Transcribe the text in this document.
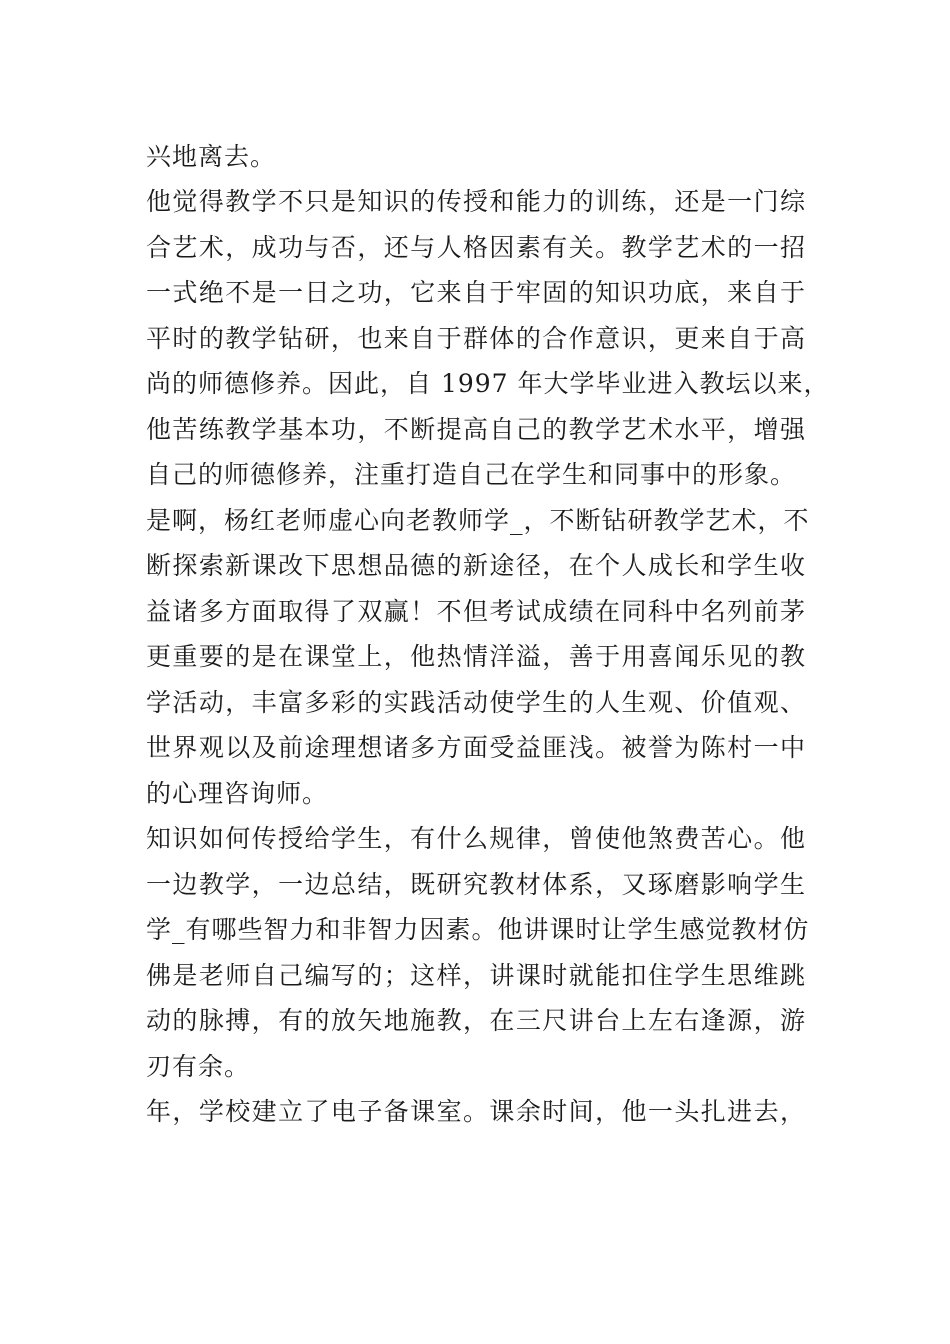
兴地离去。
他觉得教学不只是知识的传授和能力的训练，还是一门综
合艺术，成功与否，还与人格因素有关。教学艺术的一招
一式绝不是一日之功，它来自于牢固的知识功底，来自于
平时的教学钻研，也来自于群体的合作意识，更来自于高
尚的师德修养。因此，自 1997 年大学毕业进入教坛以来，
他苦练教学基本功，不断提高自己的教学艺术水平，增强
自己的师德修养，注重打造自己在学生和同事中的形象。
是啊，杨红老师虚心向老教师学_，不断钻研教学艺术，不
断探索新课改下思想品德的新途径，在个人成长和学生收
益诸多方面取得了双赢！不但考试成绩在同科中名列前茅
更重要的是在课堂上，他热情洋溢，善于用喜闻乐见的教
学活动，丰富多彩的实践活动使学生的人生观、价值观、
世界观以及前途理想诸多方面受益匪浅。被誉为陈村一中
的心理咨询师。
知识如何传授给学生，有什么规律，曾使他煞费苦心。他
一边教学，一边总结，既研究教材体系，又琢磨影响学生
学_有哪些智力和非智力因素。他讲课时让学生感觉教材仿
佛是老师自己编写的；这样，讲课时就能扣住学生思维跳
动的脉搏，有的放矢地施教，在三尺讲台上左右逢源，游
刃有余。
年，学校建立了电子备课室。课余时间，他一头扎进去，
